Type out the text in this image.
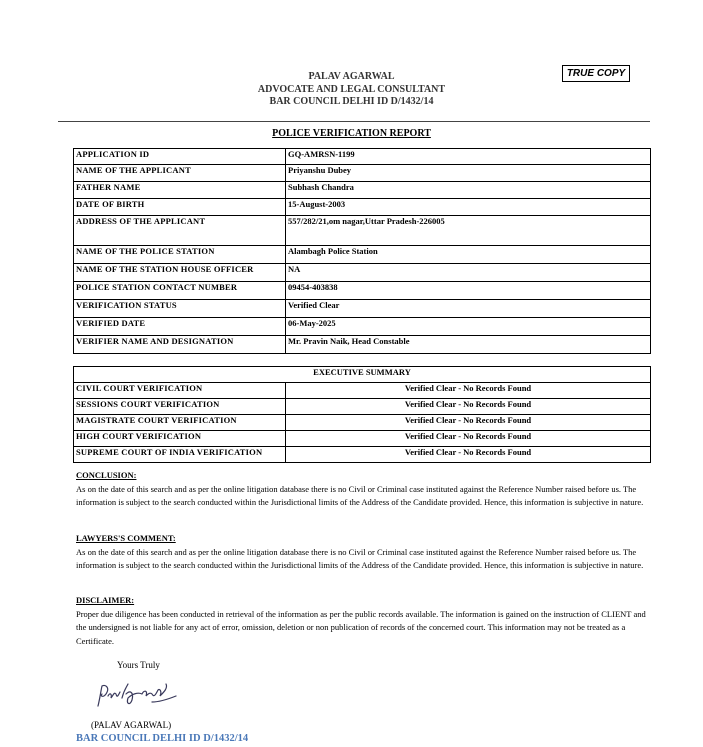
TRUE COPY
PALAV AGARWAL
ADVOCATE AND LEGAL CONSULTANT
BAR COUNCIL DELHI ID D/1432/14
POLICE VERIFICATION REPORT
APPLICATION ID	GQ-AMRSN-1199
NAME OF THE APPLICANT	Priyanshu Dubey
FATHER NAME	Subhash Chandra
DATE OF BIRTH	15-August-2003
ADDRESS OF THE APPLICANT	557/282/21,om nagar,Uttar Pradesh-226005
NAME OF THE POLICE STATION	Alambagh Police Station
NAME OF THE STATION HOUSE OFFICER	NA
POLICE STATION CONTACT NUMBER	09454-403838
VERIFICATION STATUS	Verified Clear
VERIFIED DATE	06-May-2025
VERIFIER NAME AND DESIGNATION	Mr. Pravin Naik, Head Constable
EXECUTIVE SUMMARY	
CIVIL COURT VERIFICATION	Verified Clear - No Records Found
SESSIONS COURT VERIFICATION	Verified Clear - No Records Found
MAGISTRATE COURT VERIFICATION	Verified Clear - No Records Found
HIGH COURT VERIFICATION	Verified Clear - No Records Found
SUPREME COURT OF INDIA VERIFICATION	Verified Clear - No Records Found
CONCLUSION:
As on the date of this search and as per the online litigation database there is no Civil or Criminal case instituted against the Reference Number raised before us. The information is subject to the search conducted within the Jurisdictional limits of the Address of the Candidate provided. Hence, this information is subjective in nature.
LAWYERS'S COMMENT:
As on the date of this search and as per the online litigation database there is no Civil or Criminal case instituted against the Reference Number raised before us. The information is subject to the search conducted within the Jurisdictional limits of the Address of the Candidate provided. Hence, this information is subjective in nature.
DISCLAIMER:
Proper due diligence has been conducted in retrieval of the information as per the public records available. The information is gained on the instruction of CLIENT and the undersigned is not liable for any act of error, omission, deletion or non publication of records of the concerned court. This information may not be treated as a Certificate.
Yours Truly
(PALAV AGARWAL)
BAR COUNCIL DELHI ID D/1432/14
